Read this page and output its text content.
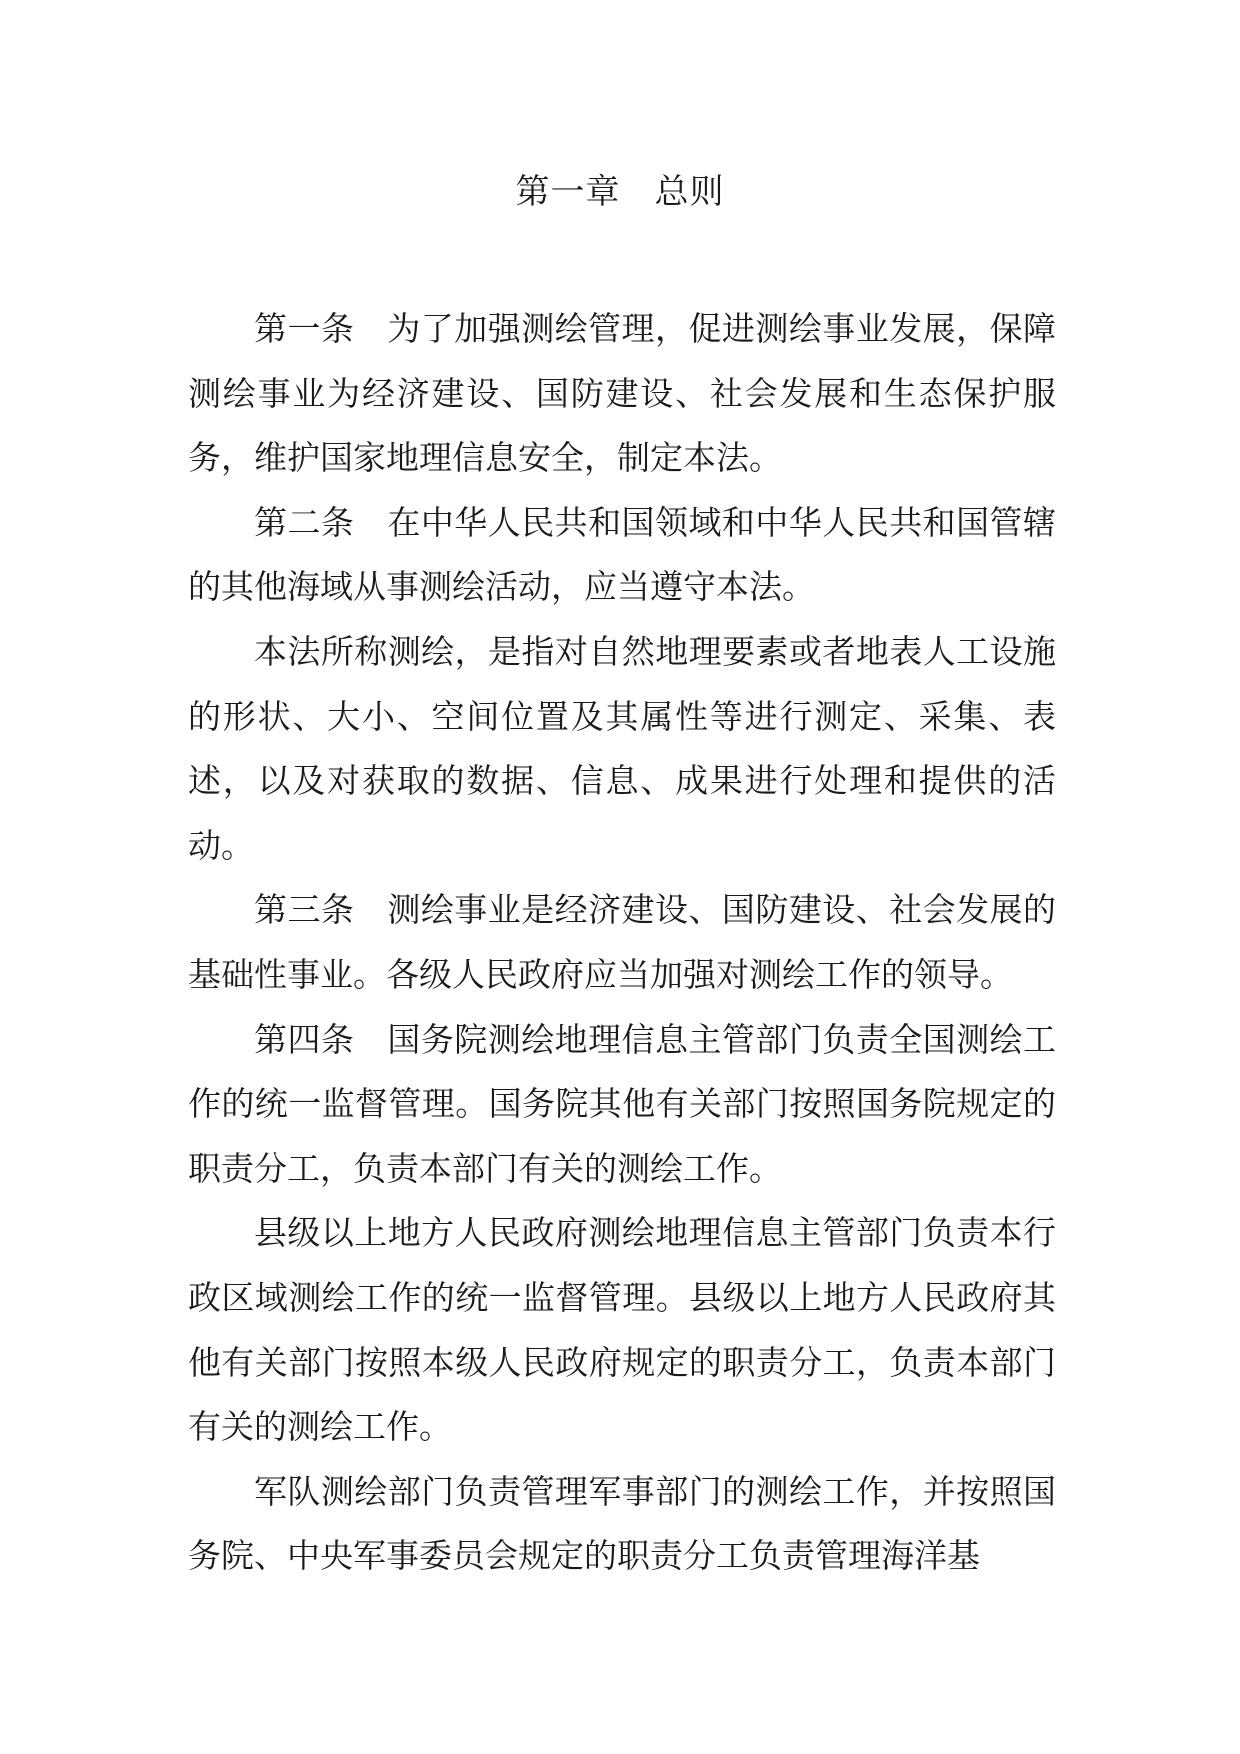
第一章 总则

第一条 为了加强测绘管理，促进测绘事业发展，保障测绘事业为经济建设、国防建设、社会发展和生态保护服务，维护国家地理信息安全，制定本法。

第二条 在中华人民共和国领域和中华人民共和国管辖的其他海域从事测绘活动，应当遵守本法。

本法所称测绘，是指对自然地理要素或者地表人工设施的形状、大小、空间位置及其属性等进行测定、采集、表述，以及对获取的数据、信息、成果进行处理和提供的活动。

第三条 测绘事业是经济建设、国防建设、社会发展的基础性事业。各级人民政府应当加强对测绘工作的领导。

第四条 国务院测绘地理信息主管部门负责全国测绘工作的统一监督管理。国务院其他有关部门按照国务院规定的职责分工，负责本部门有关的测绘工作。

县级以上地方人民政府测绘地理信息主管部门负责本行政区域测绘工作的统一监督管理。县级以上地方人民政府其他有关部门按照本级人民政府规定的职责分工，负责本部门有关的测绘工作。

军队测绘部门负责管理军事部门的测绘工作，并按照国务院、中央军事委员会规定的职责分工负责管理海洋基
